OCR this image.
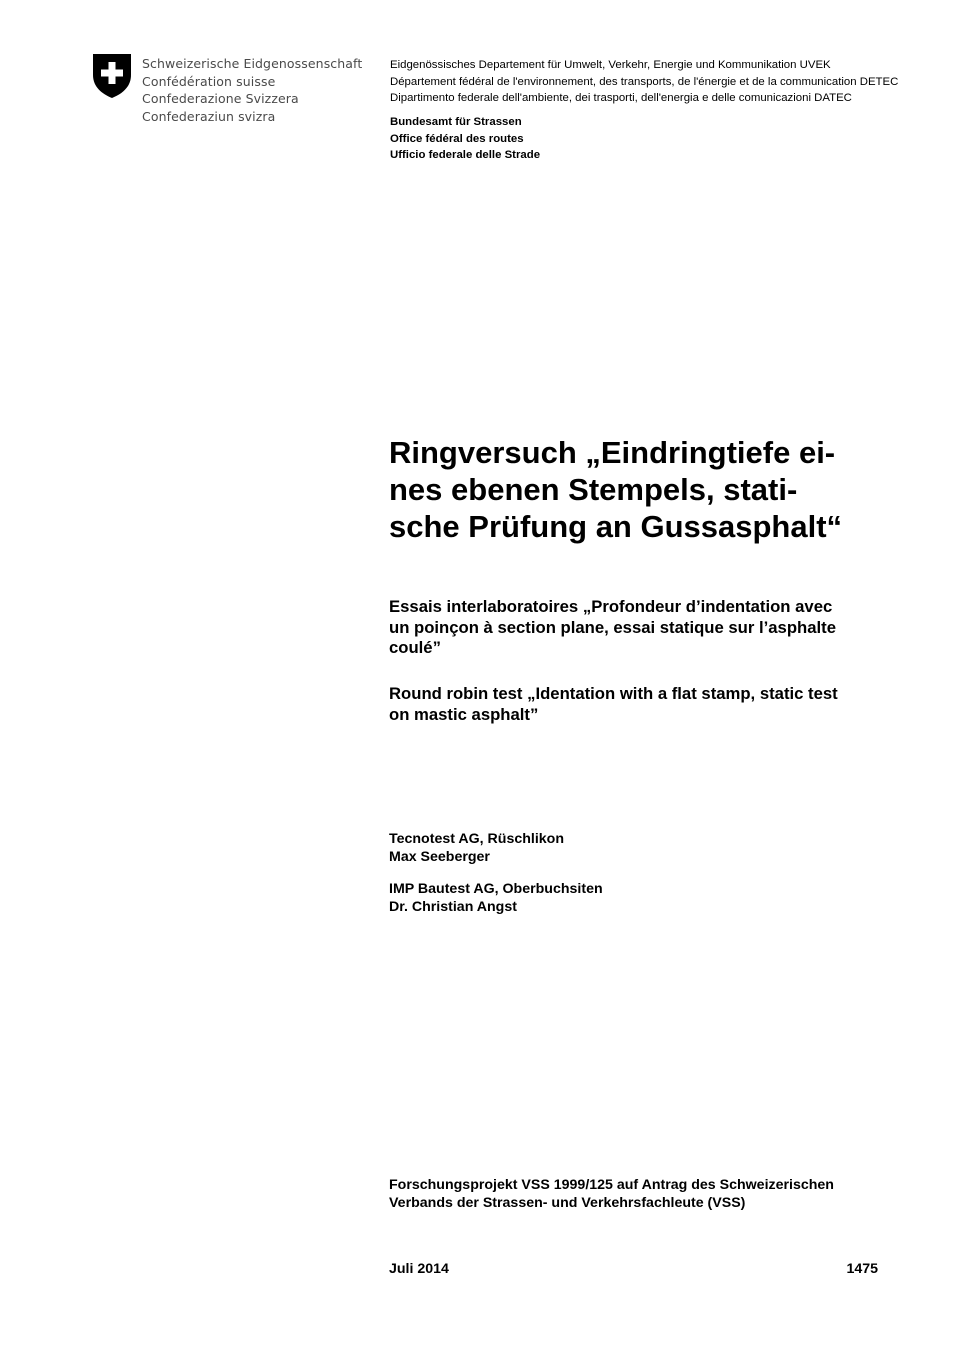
Schweizerische Eidgenossenschaft
Confédération suisse
Confederazione Svizzera
Confederaziun svizra
Eidgenössisches Departement für Umwelt, Verkehr, Energie und Kommunikation UVEK
Département fédéral de l'environnement, des transports, de l'énergie et de la communication DETEC
Dipartimento federale dell'ambiente, dei trasporti, dell'energia e delle comunicazioni DATEC
Bundesamt für Strassen
Office fédéral des routes
Ufficio federale delle Strade
Ringversuch „Eindringtiefe ei-
nes ebenen Stempels, stati-
sche Prüfung an Gussasphalt“
Essais interlaboratoires „Profondeur d’indentation avec
un poinçon à section plane, essai statique sur l’asphalte
coulé”
Round robin test „Identation with a flat stamp, static test
on mastic asphalt”
Tecnotest AG, Rüschlikon
Max Seeberger
IMP Bautest AG, Oberbuchsiten
Dr. Christian Angst
Forschungsprojekt VSS 1999/125 auf Antrag des Schweizerischen
Verbands der Strassen- und Verkehrsfachleute (VSS)
Juli 2014	1475
